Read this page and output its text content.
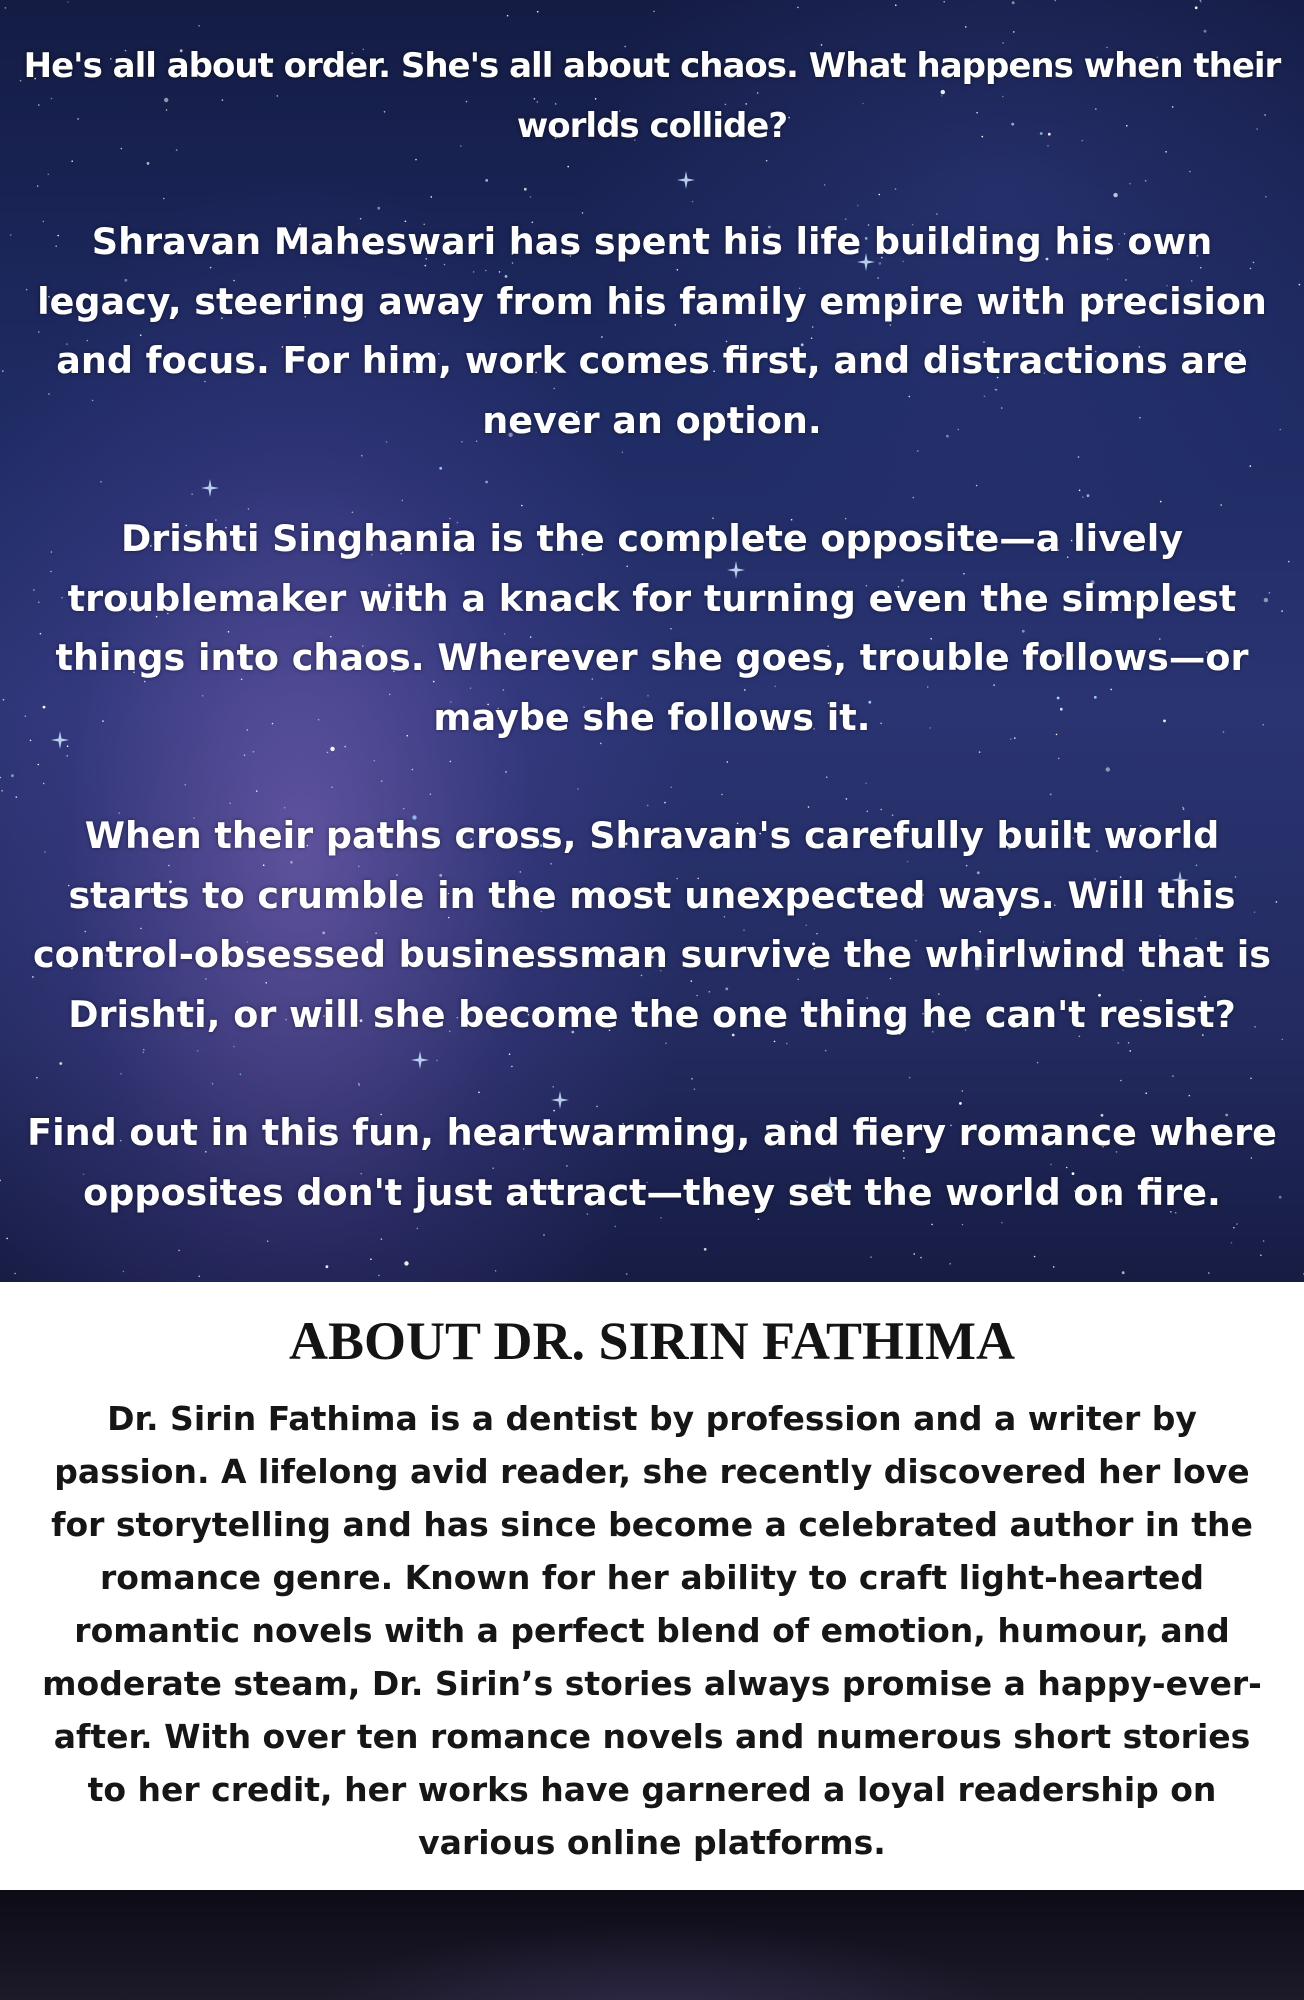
He's all about order. She's all about chaos. What happens when their worlds collide?

Shravan Maheswari has spent his life building his own legacy, steering away from his family empire with precision and focus. For him, work comes first, and distractions are never an option.

Drishti Singhania is the complete opposite—a lively troublemaker with a knack for turning even the simplest things into chaos. Wherever she goes, trouble follows—or maybe she follows it.

When their paths cross, Shravan's carefully built world starts to crumble in the most unexpected ways. Will this control-obsessed businessman survive the whirlwind that is Drishti, or will she become the one thing he can't resist?

Find out in this fun, heartwarming, and fiery romance where opposites don't just attract—they set the world on fire.

ABOUT DR. SIRIN FATHIMA

Dr. Sirin Fathima is a dentist by profession and a writer by passion. A lifelong avid reader, she recently discovered her love for storytelling and has since become a celebrated author in the romance genre. Known for her ability to craft light-hearted romantic novels with a perfect blend of emotion, humour, and moderate steam, Dr. Sirin’s stories always promise a happy-ever-after. With over ten romance novels and numerous short stories to her credit, her works have garnered a loyal readership on various online platforms.
